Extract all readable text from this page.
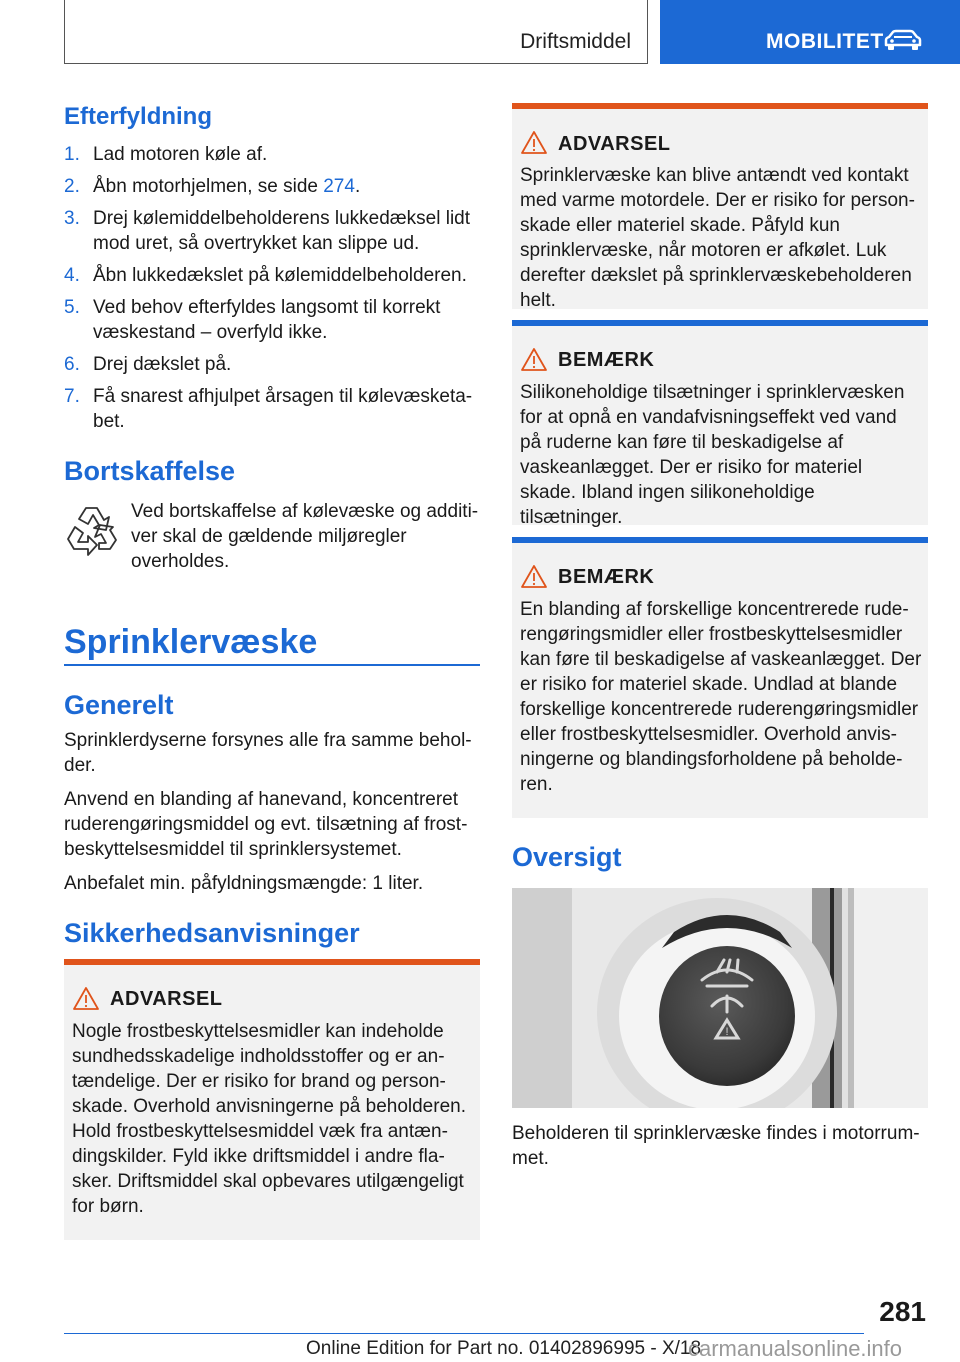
Driftsmiddel	MOBILITET
Efterfyldning
1. Lad motoren køle af.
2. Åbn motorhjelmen, se side 274.
3. Drej kølemiddelbeholderens lukkedæksel lidt mod uret, så overtrykket kan slippe ud.
4. Åbn lukkedækslet på kølemiddelbeholderen.
5. Ved behov efterfyldes langsomt til korrekt væskestand – overfyld ikke.
6. Drej dækslet på.
7. Få snarest afhjulpet årsagen til kølevæsketabet.
Bortskaffelse
Ved bortskaffelse af kølevæske og additiver skal de gældende miljøregler overholdes.
Sprinklervæske
Generelt

Sprinklerdyserne forsynes alle fra samme beholder.

Anvend en blanding af hanevand, koncentreret ruderengøringsmiddel og evt. tilsætning af frostbeskyttelsesmiddel til sprinklersystemet.

Anbefalet min. påfyldningsmængde: 1 liter.

Sikkerhedsanvisninger
ADVARSEL
Nogle frostbeskyttelsesmidler kan indeholde sundhedsskadelige indholdsstoffer og er antændelige. Der er risiko for brand og personskade. Overhold anvisningerne på beholderen. Hold frostbeskyttelsesmiddel væk fra antændingskilder. Fyld ikke driftsmiddel i andre flasker. Driftsmiddel skal opbevares utilgængeligt for børn.
ADVARSEL
Sprinklervæske kan blive antændt ved kontakt med varme motordele. Der er risiko for personskade eller materiel skade. Påfyld kun sprinklervæske, når motoren er afkølet. Luk derefter dækslet på sprinklervæskebeholderen helt.
BEMÆRK
Silikoneholdige tilsætninger i sprinklervæsken for at opnå en vandafvisningseffekt ved vand på ruderne kan føre til beskadigelse af vaskeanlægget. Der er risiko for materiel skade. Ibland ingen silikoneholdige tilsætninger.
BEMÆRK
En blanding af forskellige koncentrerede ruderengøringsmidler eller frostbeskyttelsesmidler kan føre til beskadigelse af vaskeanlægget. Der er risiko for materiel skade. Undlad at blande forskellige koncentrerede ruderengøringsmidler eller frostbeskyttelsesmidler. Overhold anvisningerne og blandingsforholdene på beholderen.
Oversigt
!
Beholderen til sprinklervæske findes i motorrummet.
281
Online Edition for Part no. 01402896995 - X/18
carmanualsonline.info
